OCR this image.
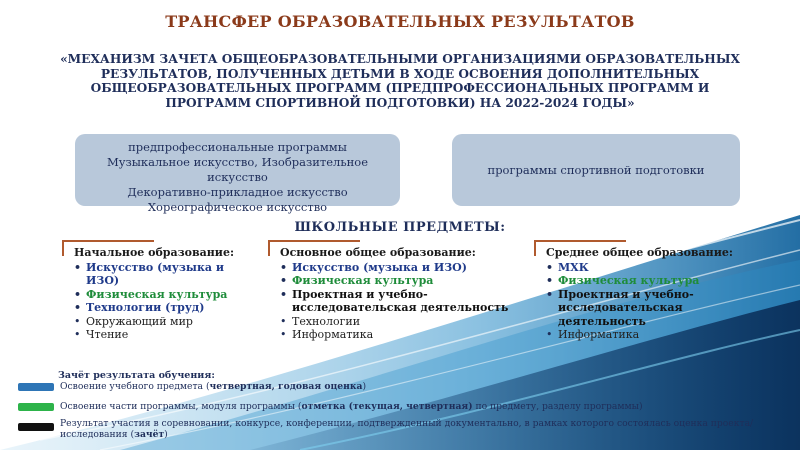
ТРАНСФЕР ОБРАЗОВАТЕЛЬНЫХ РЕЗУЛЬТАТОВ
«МЕХАНИЗМ ЗАЧЕТА ОБЩЕОБРАЗОВАТЕЛЬНЫМИ ОРГАНИЗАЦИЯМИ ОБРАЗОВАТЕЛЬНЫХ РЕЗУЛЬТАТОВ, ПОЛУЧЕННЫХ ДЕТЬМИ В ХОДЕ ОСВОЕНИЯ ДОПОЛНИТЕЛЬНЫХ ОБЩЕОБРАЗОВАТЕЛЬНЫХ ПРОГРАММ (ПРЕДПРОФЕССИОНАЛЬНЫХ ПРОГРАММ И ПРОГРАММ СПОРТИВНОЙ ПОДГОТОВКИ) НА 2022-2024 ГОДЫ»
предпрофессиональные программы
Музыкальное искусство, Изобразительное искусство
Декоративно-прикладное искусство
Хореографическое искусство
программы спортивной подготовки
ШКОЛЬНЫЕ ПРЕДМЕТЫ:
Начальное образование:
• Искусство (музыка и ИЗО)
• Физическая культура
• Технологии (труд)
• Окружающий мир
• Чтение
Основное общее образование:
• Искусство (музыка и ИЗО)
• Физическая культура
• Проектная и учебно-исследовательская деятельность
• Технологии
• Информатика
Среднее общее образование:
• МХК
• Физическая культура
• Проектная и учебно-исследовательская деятельность
• Информатика
Зачёт результата обучения:
Освоение учебного предмета (четвертная, годовая оценка)
Освоение части программы, модуля программы (отметка (текущая, четвертная) по предмету, разделу программы)
Результат участия в соревновании, конкурсе, конференции, подтвержденный документально, в рамках которого состоялась оценка проекта/исследования (зачёт)
